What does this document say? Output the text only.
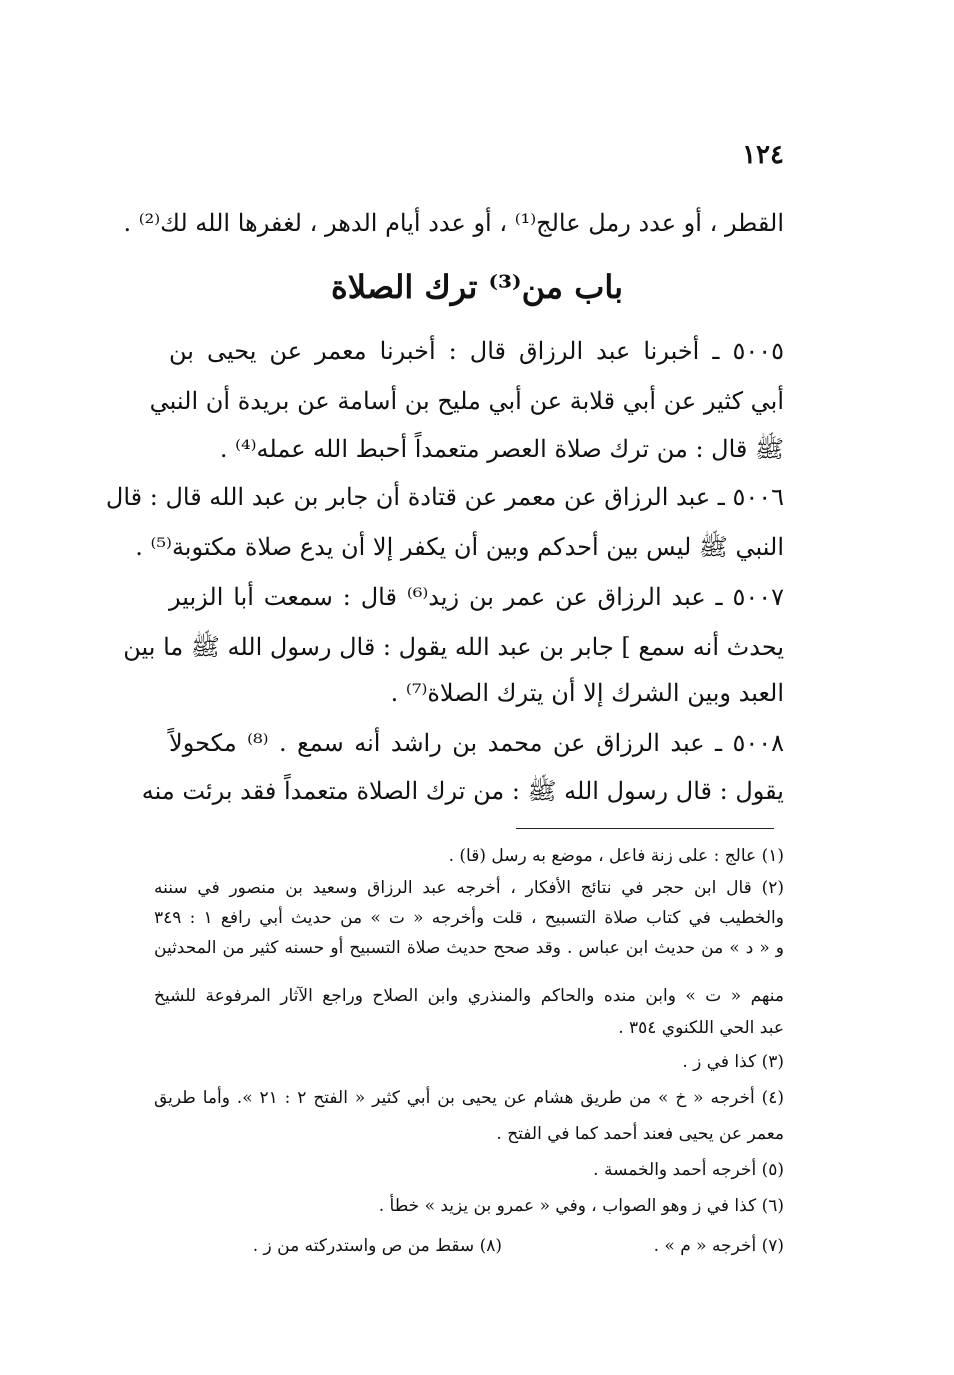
١٢٤
القطر ، أو عدد رمل عالج⁽¹⁾ ، أو عدد أيام الدهر ، لغفرها الله لك⁽²⁾ .
باب من⁽³⁾ ترك الصلاة
٥٠٠٥ ـ أخبرنا عبد الرزاق قال : أخبرنا معمر عن يحيى بن
أبي كثير عن أبي قلابة عن أبي مليح بن أسامة عن بريدة أن النبي
ﷺ قال : من ترك صلاة العصر متعمداً أحبط الله عمله⁽⁴⁾ .
٥٠٠٦ ـ عبد الرزاق عن معمر عن قتادة أن جابر بن عبد الله قال : قال
النبي ﷺ ليس بين أحدكم وبين أن يكفر إلا أن يدع صلاة مكتوبة⁽⁵⁾ .
٥٠٠٧ ـ عبد الرزاق عن عمر بن زيد⁽⁶⁾ قال : سمعت أبا الزبير
يحدث أنه سمع ] جابر بن عبد الله يقول : قال رسول الله ﷺ ما بين
العبد وبين الشرك إلا أن يترك الصلاة⁽⁷⁾ .
٥٠٠٨ ـ عبد الرزاق عن محمد بن راشد أنه سمع . ⁽⁸⁾ مكحولاً
يقول : قال رسول الله ﷺ : من ترك الصلاة متعمداً فقد برئت منه
(١) عالج : على زنة فاعل ، موضع به رسل (قا) .
(٢) قال ابن حجر في نتائج الأفكار ، أخرجه عبد الرزاق وسعيد بن منصور في سننه
والخطيب في كتاب صلاة التسبيح ، قلت وأخرجه « ت » من حديث أبي رافع ١ : ٣٤٩
و « د » من حديث ابن عباس . وقد صحح حديث صلاة التسبيح أو حسنه كثير من المحدثين
منهم « ت » وابن منده والحاكم والمنذري وابن الصلاح وراجع الآثار المرفوعة للشيخ
عبد الحي اللكنوي ٣٥٤ .
(٣) كذا في ز .
(٤) أخرجه « خ » من طريق هشام عن يحيى بن أبي كثير « الفتح ٢ : ٢١ ». وأما طريق
معمر عن يحيى فعند أحمد كما في الفتح .
(٥) أخرجه أحمد والخمسة .
(٦) كذا في ز وهو الصواب ، وفي « عمرو بن يزيد » خطأ .
(٧) أخرجه « م » .
(٨) سقط من ص واستدركته من ز .
